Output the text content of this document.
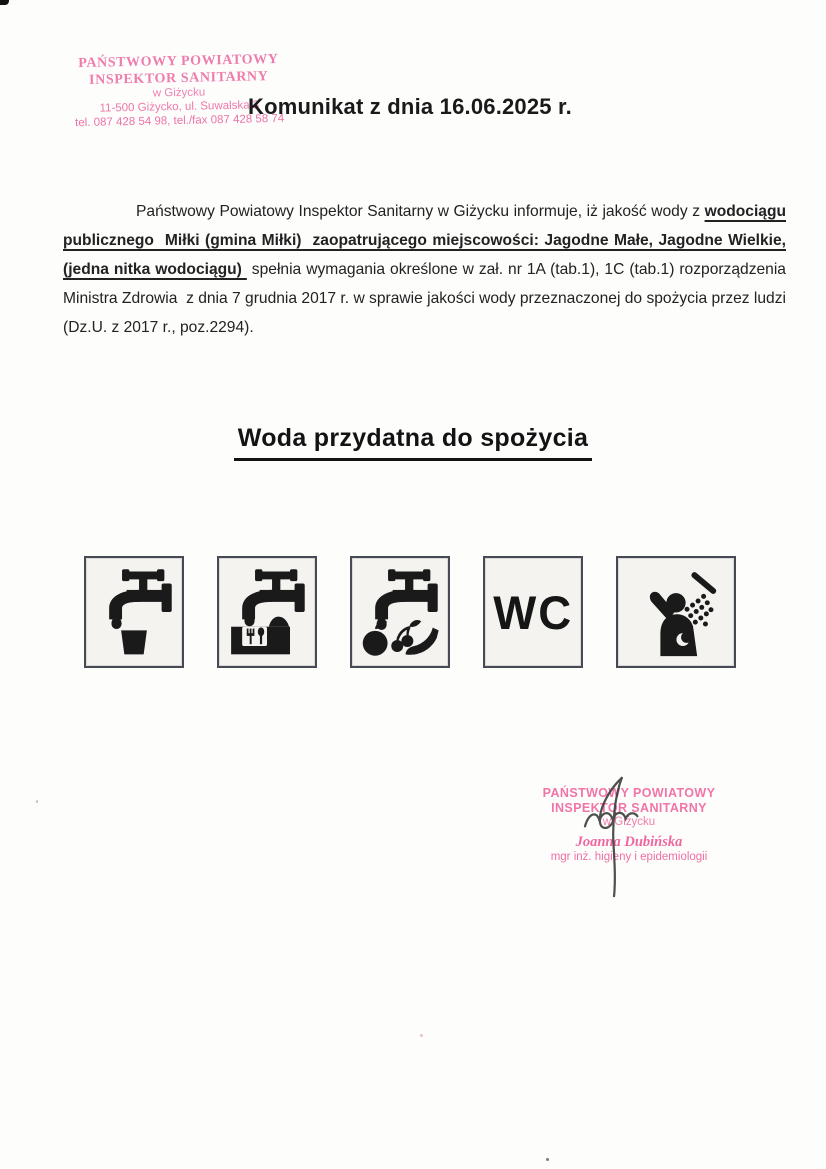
PAŃSTWOWY POWIATOWY
INSPEKTOR SANITARNY
w Giżycku
11-500 Giżycko, ul. Suwalska 3
tel. 087 428 54 98, tel./fax 087 428 58 74
Komunikat z dnia 16.06.2025 r.

Państwowy Powiatowy Inspektor Sanitarny w Giżycku informuje, iż jakość wody z wodociągu publicznego  Miłki (gmina Miłki) zaopatrującego miejscowości: Jagodne Małe, Jagodne Wielkie, (jedna nitka wodociągu)  spełnia wymagania określone w zał. nr 1A (tab.1), 1C (tab.1) rozporządzenia Ministra Zdrowia  z dnia 7 grudnia 2017 r. w sprawie jakości wody przeznaczonej do spożycia przez ludzi (Dz.U. z 2017 r., poz.2294).

Woda przydatna do spożycia
WC
PAŃSTWOWY POWIATOWY
INSPEKTOR SANITARNY
w Giżycku
Joanna Dubińska
mgr inż. higieny i epidemiologii
